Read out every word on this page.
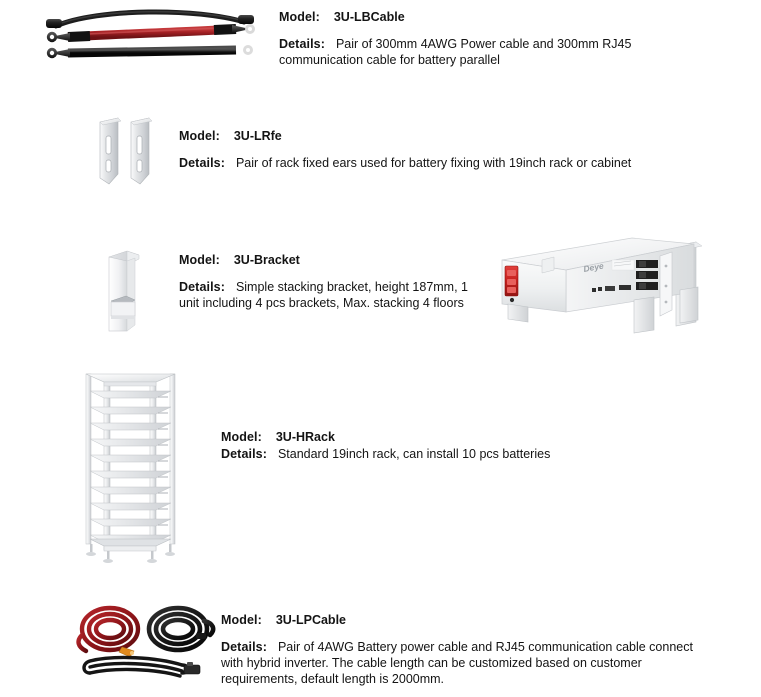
Model: 3U-LBCable
Details: Pair of 300mm 4AWG Power cable and 300mm RJ45 communication cable for battery parallel
Model: 3U-LRfe
Details: Pair of rack fixed ears used for battery fixing with 19inch rack or cabinet
Model: 3U-Bracket
Details: Simple stacking bracket, height 187mm, 1 unit including 4 pcs brackets, Max. stacking 4 floors
Deye
Model: 3U-HRack
Details: Standard 19inch rack, can install 10 pcs batteries
Model: 3U-LPCable
Details: Pair of 4AWG Battery power cable and RJ45 communication cable connect with hybrid inverter. The cable length can be customized based on customer requirements, default length is 2000mm.
